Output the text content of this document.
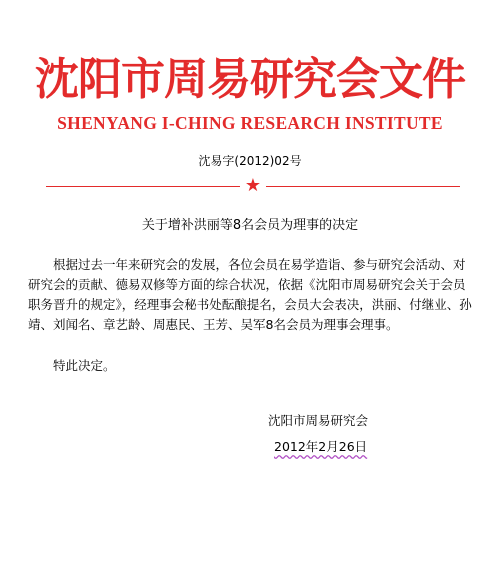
沈阳市周易研究会文件
SHENYANG I-CHING RESEARCH INSTITUTE
沈易字(2012)02号
★
关于增补洪丽等8名会员为理事的决定

根据过去一年来研究会的发展，各位会员在易学造诣、参与研究会活动、对研究会的贡献、德易双修等方面的综合状况，依据《沈阳市周易研究会关于会员职务晋升的规定》，经理事会秘书处酝酿提名，会员大会表决，洪丽、付继业、孙靖、刘闻名、章艺龄、周惠民、王芳、吴军8名会员为理事会理事。

特此决定。

沈阳市周易研究会
2012年2月26日
